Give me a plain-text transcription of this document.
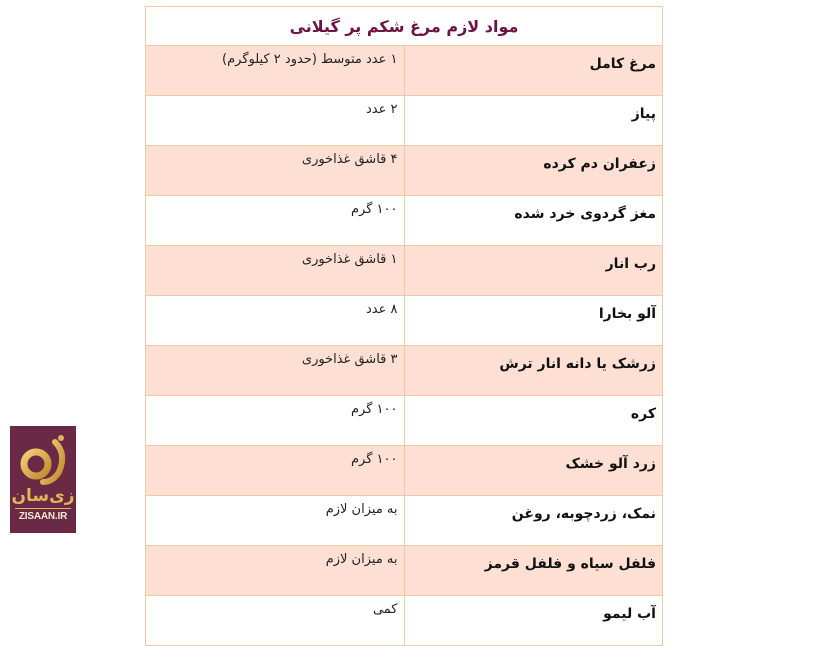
مواد لازم مرغ شکم پر گیلانی	
مرغ کامل	۱ عدد متوسط (حدود ۲ کیلوگرم)
پیاز	۲ عدد
زعفران دم کرده	۴ قاشق غذاخوری
مغز گردوی خرد شده	۱۰۰ گرم
رب انار	۱ قاشق غذاخوری
آلو بخارا	۸ عدد
زرشک یا دانه انار ترش	۳ قاشق غذاخوری
کره	۱۰۰ گرم
زرد آلو خشک	۱۰۰ گرم
نمک، زردچوبه، روغن	به میزان لازم
فلفل سیاه و فلفل قرمز	به میزان لازم
آب لیمو	کمی
زی‌سان
ZISAAN.IR
